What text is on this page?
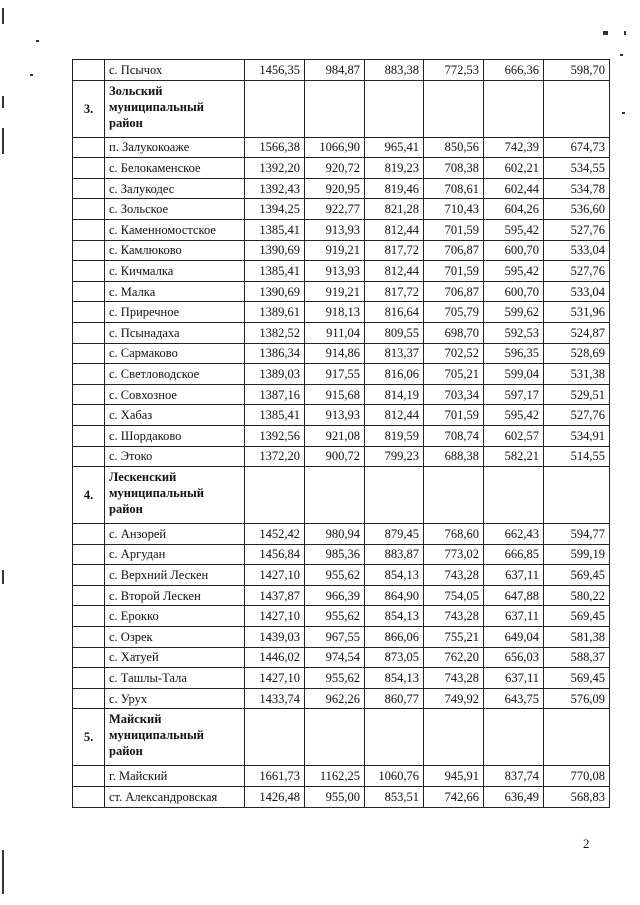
	с. Псычох	1456,35	984,87	883,38	772,53	666,36	598,70
3.	Зольский муниципальный район						
	п. Залукокоаже	1566,38	1066,90	965,41	850,56	742,39	674,73
	с. Белокаменское	1392,20	920,72	819,23	708,38	602,21	534,55
	с. Залукодес	1392,43	920,95	819,46	708,61	602,44	534,78
	с. Зольское	1394,25	922,77	821,28	710,43	604,26	536,60
	с. Каменномостское	1385,41	913,93	812,44	701,59	595,42	527,76
	с. Камлюково	1390,69	919,21	817,72	706,87	600,70	533,04
	с. Кичмалка	1385,41	913,93	812,44	701,59	595,42	527,76
	с. Малка	1390,69	919,21	817,72	706,87	600,70	533,04
	с. Приречное	1389,61	918,13	816,64	705,79	599,62	531,96
	с. Псынадаха	1382,52	911,04	809,55	698,70	592,53	524,87
	с. Сармаково	1386,34	914,86	813,37	702,52	596,35	528,69
	с. Светловодское	1389,03	917,55	816,06	705,21	599,04	531,38
	с. Совхозное	1387,16	915,68	814,19	703,34	597,17	529,51
	с. Хабаз	1385,41	913,93	812,44	701,59	595,42	527,76
	с. Шордаково	1392,56	921,08	819,59	708,74	602,57	534,91
	с. Этоко	1372,20	900,72	799,23	688,38	582,21	514,55
4.	Лескенский муниципальный район						
	с. Анзорей	1452,42	980,94	879,45	768,60	662,43	594,77
	с. Аргудан	1456,84	985,36	883,87	773,02	666,85	599,19
	с. Верхний Лескен	1427,10	955,62	854,13	743,28	637,11	569,45
	с. Второй Лескен	1437,87	966,39	864,90	754,05	647,88	580,22
	с. Ерокко	1427,10	955,62	854,13	743,28	637,11	569,45
	с. Озрек	1439,03	967,55	866,06	755,21	649,04	581,38
	с. Хатуей	1446,02	974,54	873,05	762,20	656,03	588,37
	с. Ташлы-Тала	1427,10	955,62	854,13	743,28	637,11	569,45
	с. Урух	1433,74	962,26	860,77	749,92	643,75	576,09
5.	Майский муниципальный район						
	г. Майский	1661,73	1162,25	1060,76	945,91	837,74	770,08
	ст. Александровская	1426,48	955,00	853,51	742,66	636,49	568,83
2
